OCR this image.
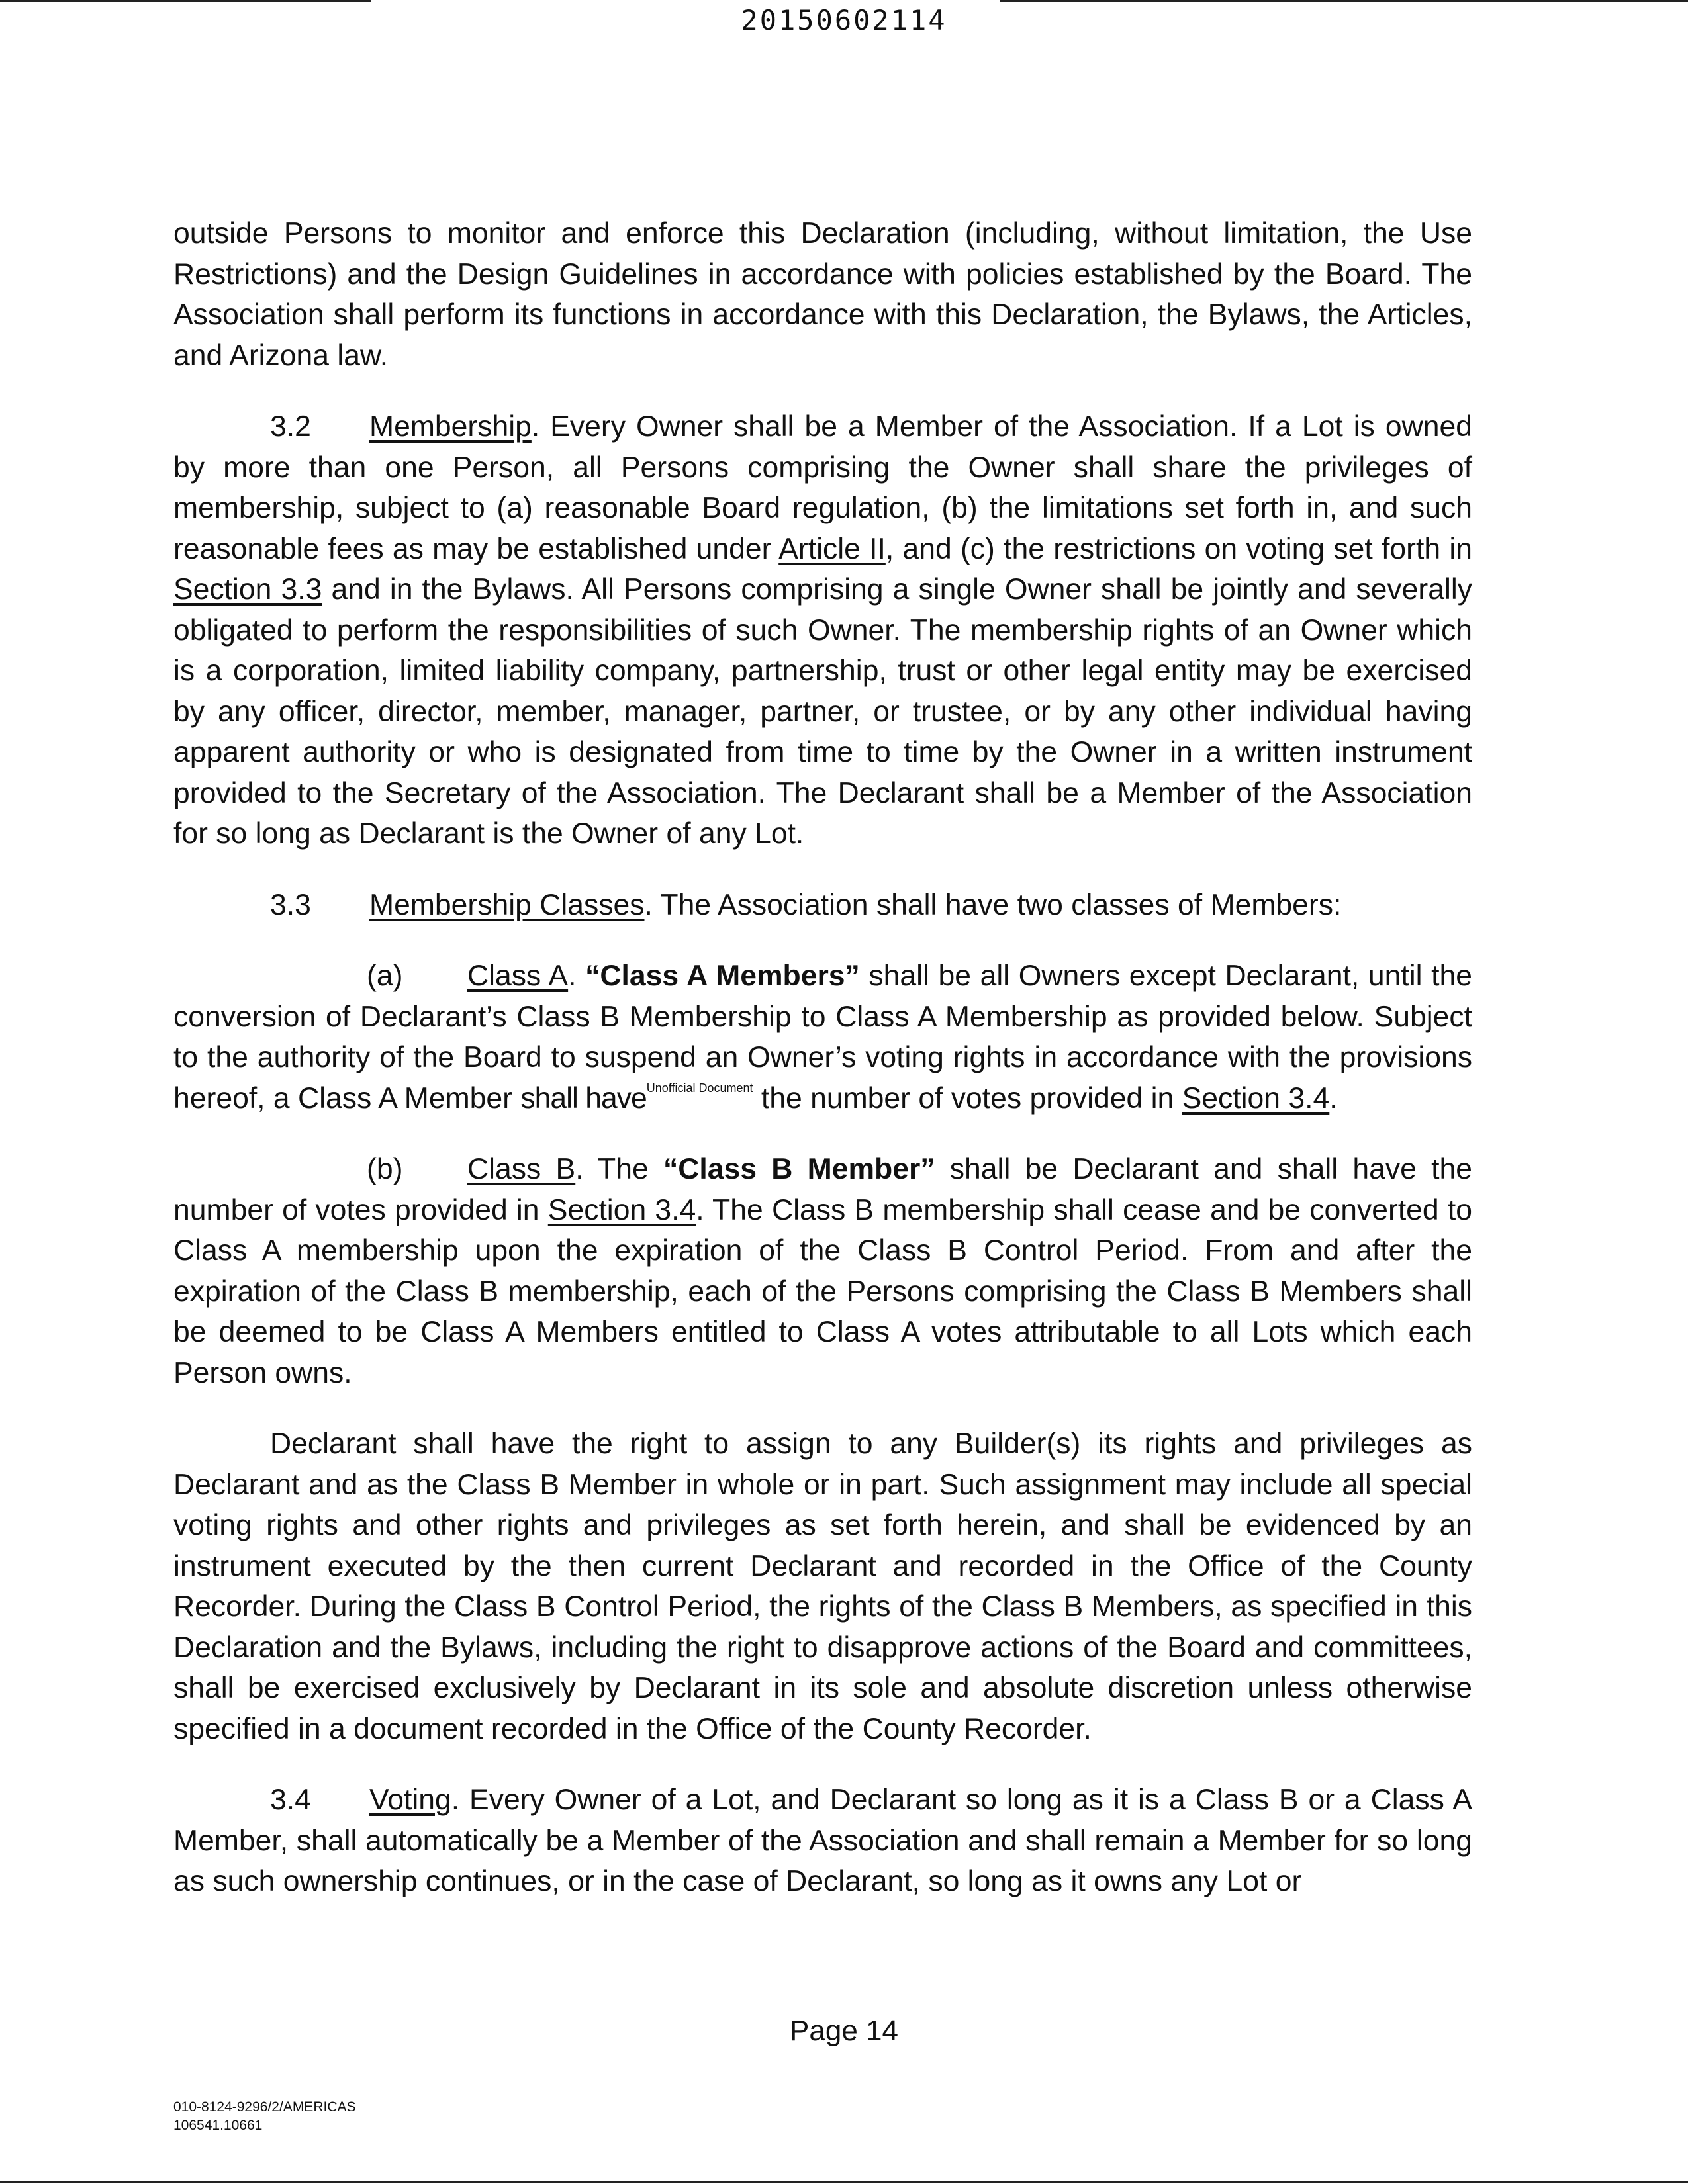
20150602114

outside Persons to monitor and enforce this Declaration (including, without limitation, the Use Restrictions) and the Design Guidelines in accordance with policies established by the Board. The Association shall perform its functions in accordance with this Declaration, the Bylaws, the Articles, and Arizona law.

3.2 Membership. Every Owner shall be a Member of the Association. If a Lot is owned by more than one Person, all Persons comprising the Owner shall share the privileges of membership, subject to (a) reasonable Board regulation, (b) the limitations set forth in, and such reasonable fees as may be established under Article II, and (c) the restrictions on voting set forth in Section 3.3 and in the Bylaws. All Persons comprising a single Owner shall be jointly and severally obligated to perform the responsibilities of such Owner. The membership rights of an Owner which is a corporation, limited liability company, partnership, trust or other legal entity may be exercised by any officer, director, member, manager, partner, or trustee, or by any other individual having apparent authority or who is designated from time to time by the Owner in a written instrument provided to the Secretary of the Association. The Declarant shall be a Member of the Association for so long as Declarant is the Owner of any Lot.

3.3 Membership Classes. The Association shall have two classes of Members:

(a) Class A. “Class A Members” shall be all Owners except Declarant, until the conversion of Declarant’s Class B Membership to Class A Membership as provided below. Subject to the authority of the Board to suspend an Owner’s voting rights in accordance with the provisions hereof, a Class A Member shall have$^{Unofficial Document}$ the number of votes provided in Section 3.4.

(b) Class B. The “Class B Member” shall be Declarant and shall have the number of votes provided in Section 3.4. The Class B membership shall cease and be converted to Class A membership upon the expiration of the Class B Control Period. From and after the expiration of the Class B membership, each of the Persons comprising the Class B Members shall be deemed to be Class A Members entitled to Class A votes attributable to all Lots which each Person owns.

Declarant shall have the right to assign to any Builder(s) its rights and privileges as Declarant and as the Class B Member in whole or in part. Such assignment may include all special voting rights and other rights and privileges as set forth herein, and shall be evidenced by an instrument executed by the then current Declarant and recorded in the Office of the County Recorder. During the Class B Control Period, the rights of the Class B Members, as specified in this Declaration and the Bylaws, including the right to disapprove actions of the Board and committees, shall be exercised exclusively by Declarant in its sole and absolute discretion unless otherwise specified in a document recorded in the Office of the County Recorder.

3.4 Voting. Every Owner of a Lot, and Declarant so long as it is a Class B or a Class A Member, shall automatically be a Member of the Association and shall remain a Member for so long as such ownership continues, or in the case of Declarant, so long as it owns any Lot or

Page 14
010-8124-9296/2/AMERICAS
106541.10661
